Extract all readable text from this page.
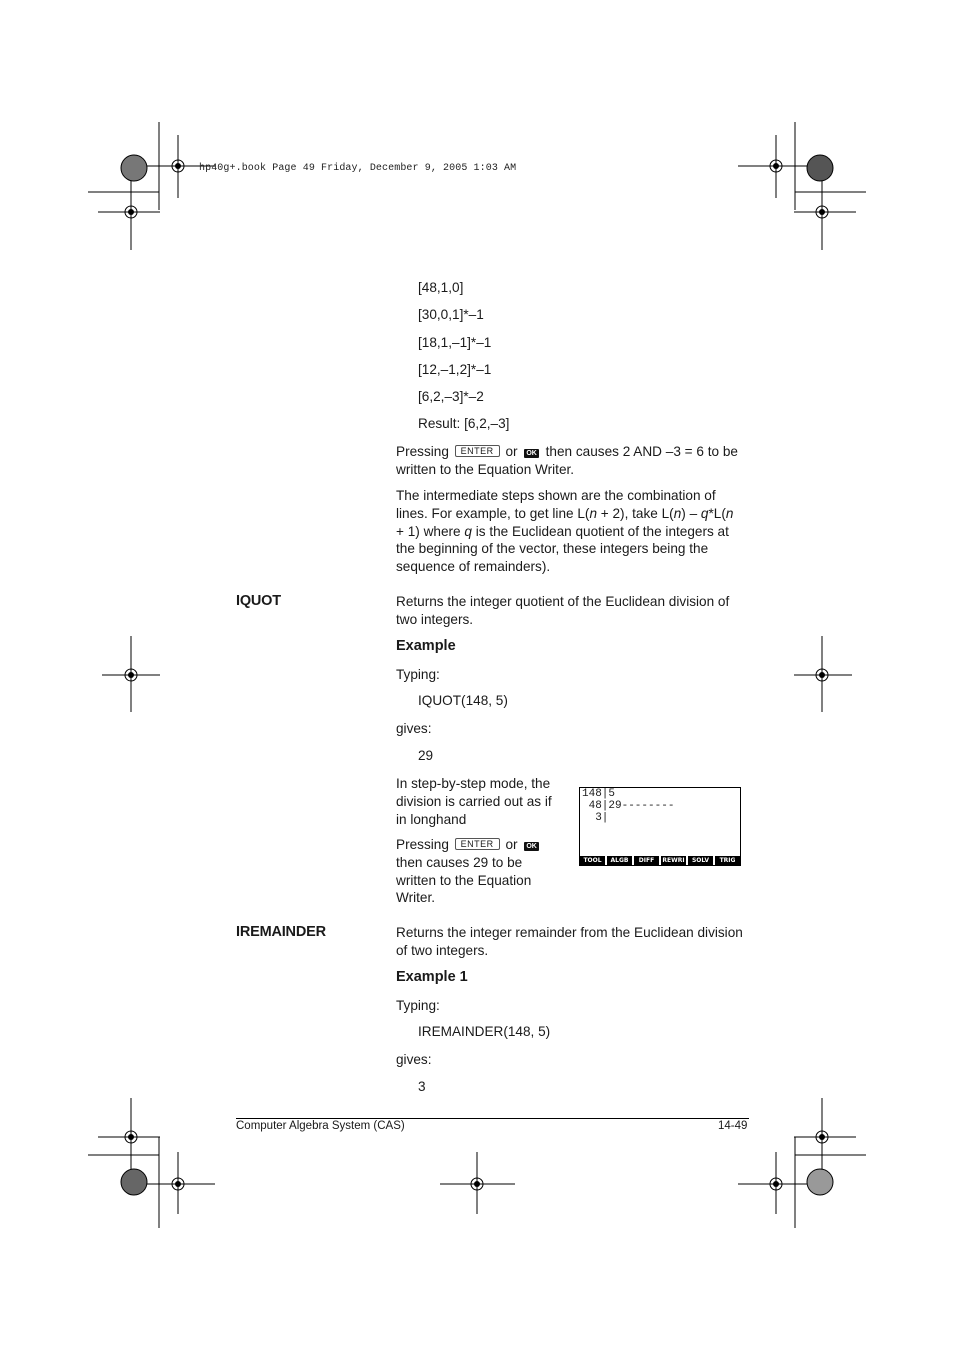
hp40g+.book Page 49 Friday, December 9, 2005 1:03 AM
[48,1,0]
[30,0,1]*–1
[18,1,–1]*–1
[12,–1,2]*–1
[6,2,–3]*–2
Result: [6,2,–3]
Pressing ENTER or OK then causes 2 AND –3 = 6 to be
written to the Equation Writer.
The intermediate steps shown are the combination of
lines. For example, to get line L(n + 2), take L(n) – q*L(n
+ 1) where q is the Euclidean quotient of the integers at
the beginning of the vector, these integers being the
sequence of remainders).
IQUOT	Returns the integer quotient of the Euclidean division of
two integers.
Example
Typing:
IQUOT(148, 5)
gives:
29
In step-by-step mode, the
division is carried out as if
in longhand
Pressing ENTER or OK
then causes 29 to be
written to the Equation
Writer.
148|5
48|29--------
3|
TOOL	ALGB	DIFF	REWRI	SOLV	TRIG
IREMAINDER	Returns the integer remainder from the Euclidean division
of two integers.
Example 1
Typing:
IREMAINDER(148, 5)
gives:
3
Computer Algebra System (CAS)	14-49
